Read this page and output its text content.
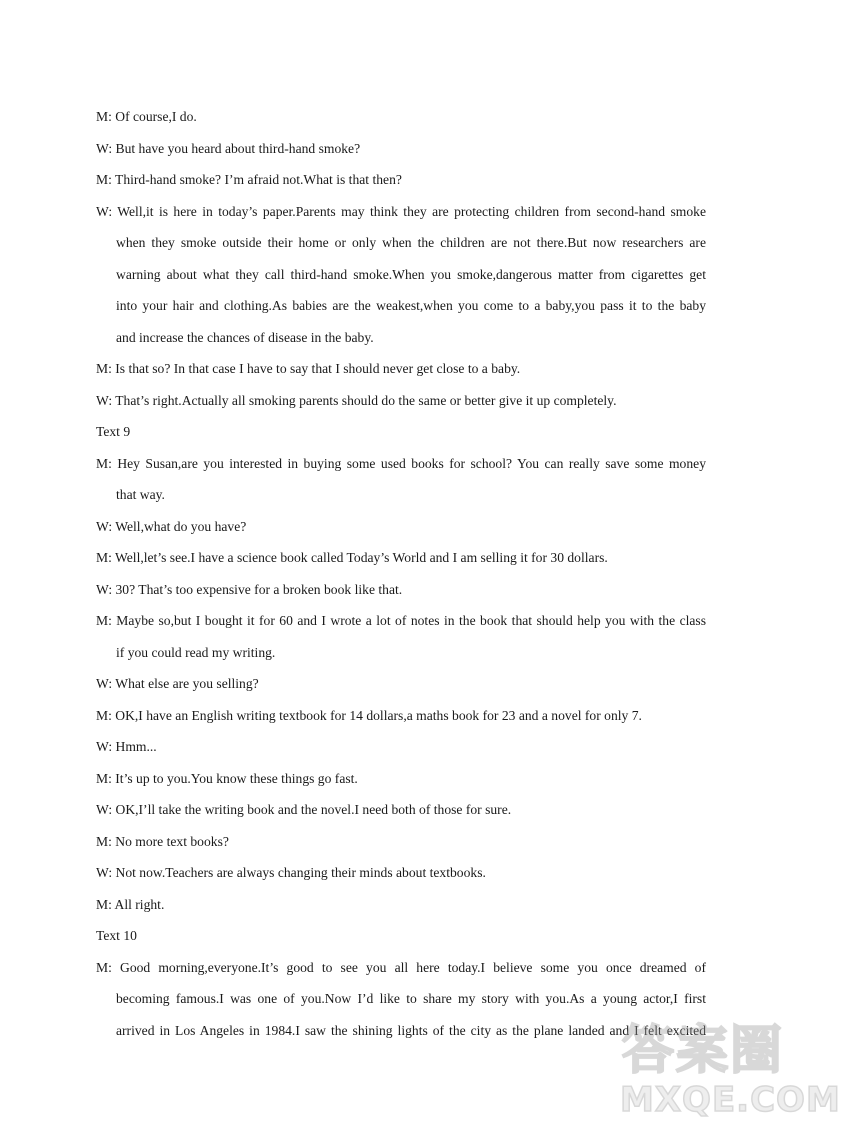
M: Of course,I do.
W: But have you heard about third-hand smoke?
M: Third-hand smoke? I’m afraid not.What is that then?
W: Well,it is here in today’s paper.Parents may think they are protecting children from second-hand smoke
when they smoke outside their home or only when the children are not there.But now researchers are
warning about what they call third-hand smoke.When you smoke,dangerous matter from cigarettes get
into your hair and clothing.As babies are the weakest,when you come to a baby,you pass it to the baby
and increase the chances of disease in the baby.
M: Is that so? In that case I have to say that I should never get close to a baby.
W: That’s right.Actually all smoking parents should do the same or better give it up completely.
Text 9
M: Hey Susan,are you interested in buying some used books for school? You can really save some money
that way.
W: Well,what do you have?
M: Well,let’s see.I have a science book called Today’s World and I am selling it for 30 dollars.
W: 30? That’s too expensive for a broken book like that.
M: Maybe so,but I bought it for 60 and I wrote a lot of notes in the book that should help you with the class
if you could read my writing.
W: What else are you selling?
M: OK,I have an English writing textbook for 14 dollars,a maths book for 23 and a novel for only 7.
W: Hmm...
M: It’s up to you.You know these things go fast.
W: OK,I’ll take the writing book and the novel.I need both of those for sure.
M: No more text books?
W: Not now.Teachers are always changing their minds about textbooks.
M: All right.
Text 10
M: Good morning,everyone.It’s good to see you all here today.I believe some you once dreamed of
becoming famous.I was one of you.Now I’d like to share my story with you.As a young actor,I first
arrived in Los Angeles in 1984.I saw the shining lights of the city as the plane landed and I felt excited
答案圈
MXQE.COM
